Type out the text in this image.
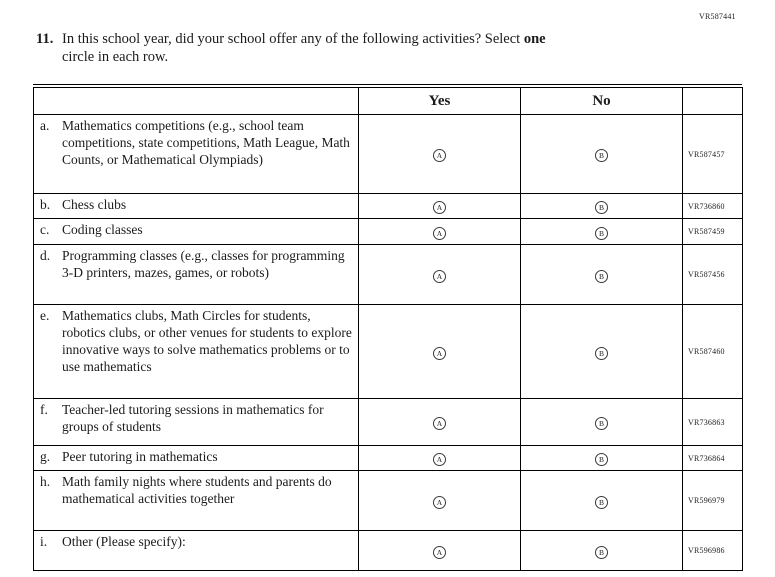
VR587441
11. In this school year, did your school offer any of the following activities? Select one
circle in each row.
	Yes	No	

a. Mathematics competitions (e.g., school team competitions, state competitions, Math League, Math Counts, or Mathematical Olympiads)	A	B	VR587457

b. Chess clubs	A	B	VR736860

c. Coding classes	A	B	VR587459

d. Programming classes (e.g., classes for programming 3-D printers, mazes, games, or robots)	A	B	VR587456

e. Mathematics clubs, Math Circles for students, robotics clubs, or other venues for students to explore innovative ways to solve mathematics problems or to use mathematics	A	B	VR587460

f. Teacher-led tutoring sessions in mathematics for groups of students	A	B	VR736863

g. Peer tutoring in mathematics	A	B	VR736864

h. Math family nights where students and parents do mathematical activities together	A	B	VR596979

i. Other (Please specify):	A	B	VR596986
